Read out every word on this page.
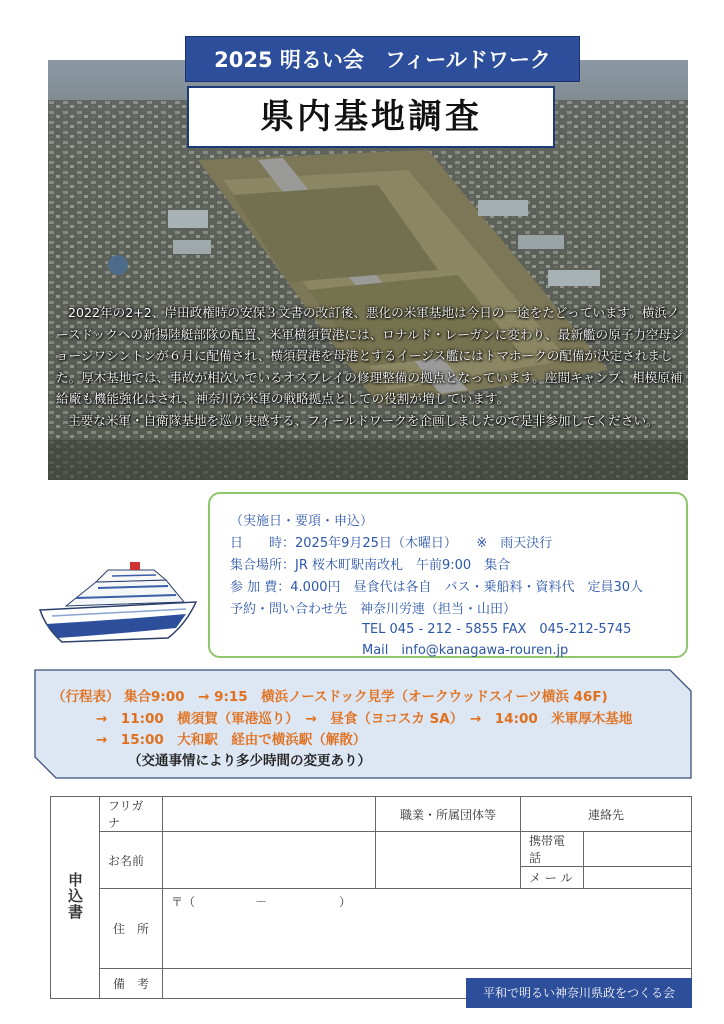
2025 明るい会　フィールドワーク
県内基地調査

2022年の2+2、岸田政権時の安保３文書の改訂後、悪化の米軍基地は今日の一途をたどっています。横浜ノースドックへの新揚陸艇部隊の配置、米軍横須賀港には、ロナルド・レーガンに変わり、最新艦の原子力空母ジョージワシントンが６月に配備され、横須賀港を母港とするイージス艦にはトマホークの配備が決定されました。厚木基地では、事故が相次いでいるオスプレイの修理整備の拠点となっています。座間キャンプ、相模原補給廠も機能強化はされ、神奈川が米軍の戦略拠点としての役割が増しています。

主要な米軍・自衛隊基地を巡り実感する、フィールドワークを企画しましたので是非参加してください。

（実施日・要項・申込）
日　　時：2025年9月25日（木曜日）　　※　雨天決行
集合場所：JR 桜木町駅南改札　午前9:00　集合
参 加 費：4.000円　昼食代は各自　バス・乗船料・資料代　定員30人
予約・問い合わせ先　神奈川労連（担当・山田）
TEL 045 - 212 - 5855 FAX　045-212-5745
Mail　info@kanagawa-rouren.jp
（行程表） 集合9:00　→ 9:15　横浜ノースドック見学（オークウッドスイーツ横浜 46F)
→　11:00　横須賀（軍港巡り）　→　昼食（ヨコスカ SA）　→　14:00　米軍厚木基地
→　15:00　大和駅　経由で横浜駅（解散）
（交通事情により多少時間の変更あり）
申込書	フリガナ		職業・所属団体等	連絡先	
	お名前			携帯電話	
				メ ー ル	
	住　所	〒（　　　　　－　　　　　　）			
	備　考				
平和で明るい神奈川県政をつくる会
